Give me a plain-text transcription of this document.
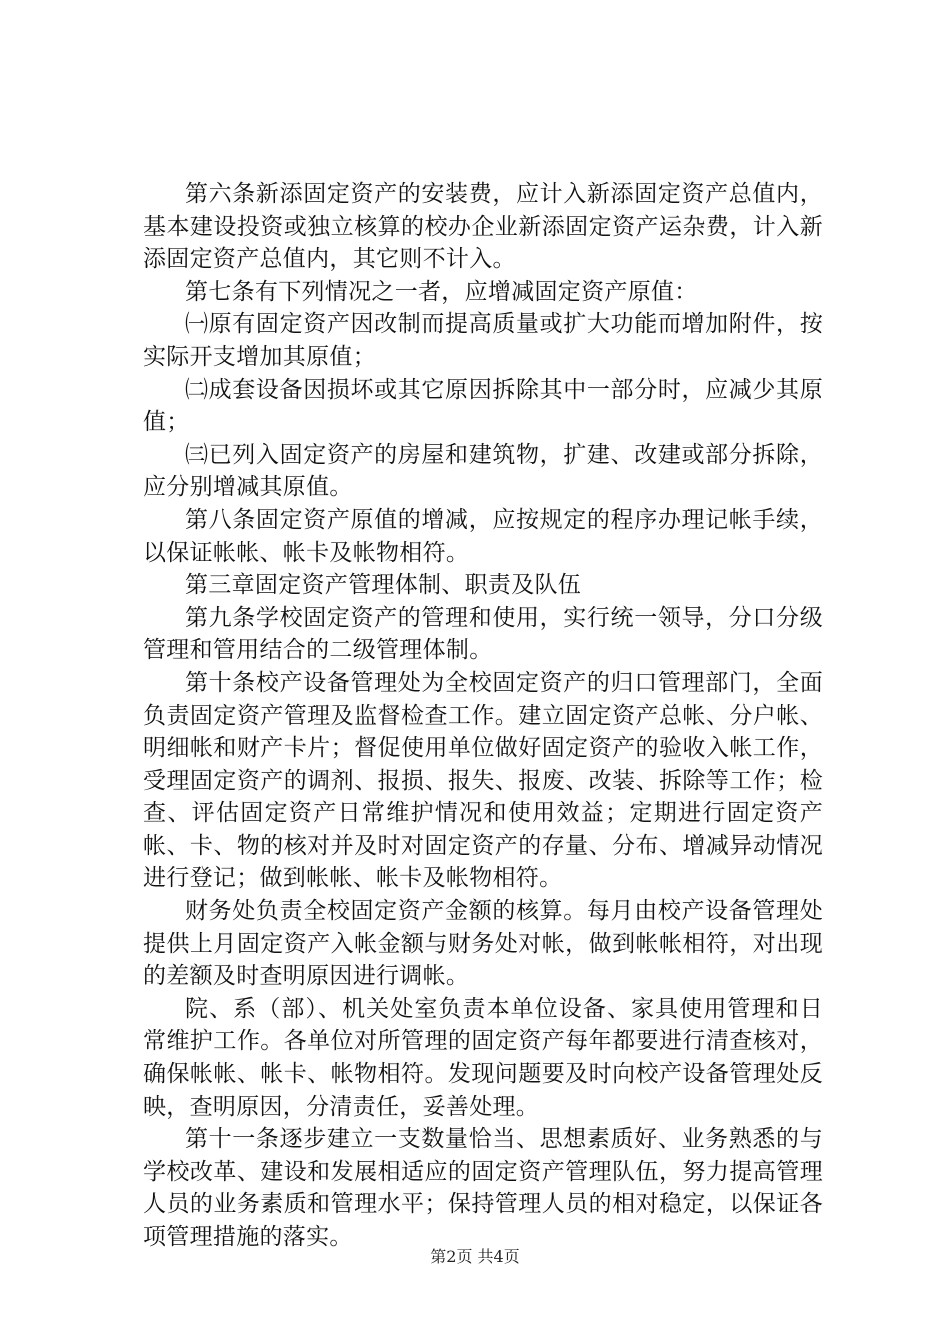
第六条新添固定资产的安装费，应计入新添固定资产总值内，基本建设投资或独立核算的校办企业新添固定资产运杂费，计入新添固定资产总值内，其它则不计入。

第七条有下列情况之一者，应增减固定资产原值：

㈠原有固定资产因改制而提高质量或扩大功能而增加附件，按实际开支增加其原值；

㈡成套设备因损坏或其它原因拆除其中一部分时，应减少其原值；

㈢已列入固定资产的房屋和建筑物，扩建、改建或部分拆除，应分别增减其原值。

第八条固定资产原值的增减，应按规定的程序办理记帐手续，以保证帐帐、帐卡及帐物相符。

第三章固定资产管理体制、职责及队伍

第九条学校固定资产的管理和使用，实行统一领导，分口分级管理和管用结合的二级管理体制。

第十条校产设备管理处为全校固定资产的归口管理部门，全面负责固定资产管理及监督检查工作。建立固定资产总帐、分户帐、明细帐和财产卡片；督促使用单位做好固定资产的验收入帐工作，受理固定资产的调剂、报损、报失、报废、改装、拆除等工作；检查、评估固定资产日常维护情况和使用效益；定期进行固定资产帐、卡、物的核对并及时对固定资产的存量、分布、增减异动情况进行登记；做到帐帐、帐卡及帐物相符。

财务处负责全校固定资产金额的核算。每月由校产设备管理处提供上月固定资产入帐金额与财务处对帐，做到帐帐相符，对出现的差额及时查明原因进行调帐。

院、系（部）、机关处室负责本单位设备、家具使用管理和日常维护工作。各单位对所管理的固定资产每年都要进行清查核对，确保帐帐、帐卡、帐物相符。发现问题要及时向校产设备管理处反映，查明原因，分清责任，妥善处理。

第十一条逐步建立一支数量恰当、思想素质好、业务熟悉的与学校改革、建设和发展相适应的固定资产管理队伍，努力提高管理人员的业务素质和管理水平；保持管理人员的相对稳定，以保证各项管理措施的落实。

第2页 共4页
